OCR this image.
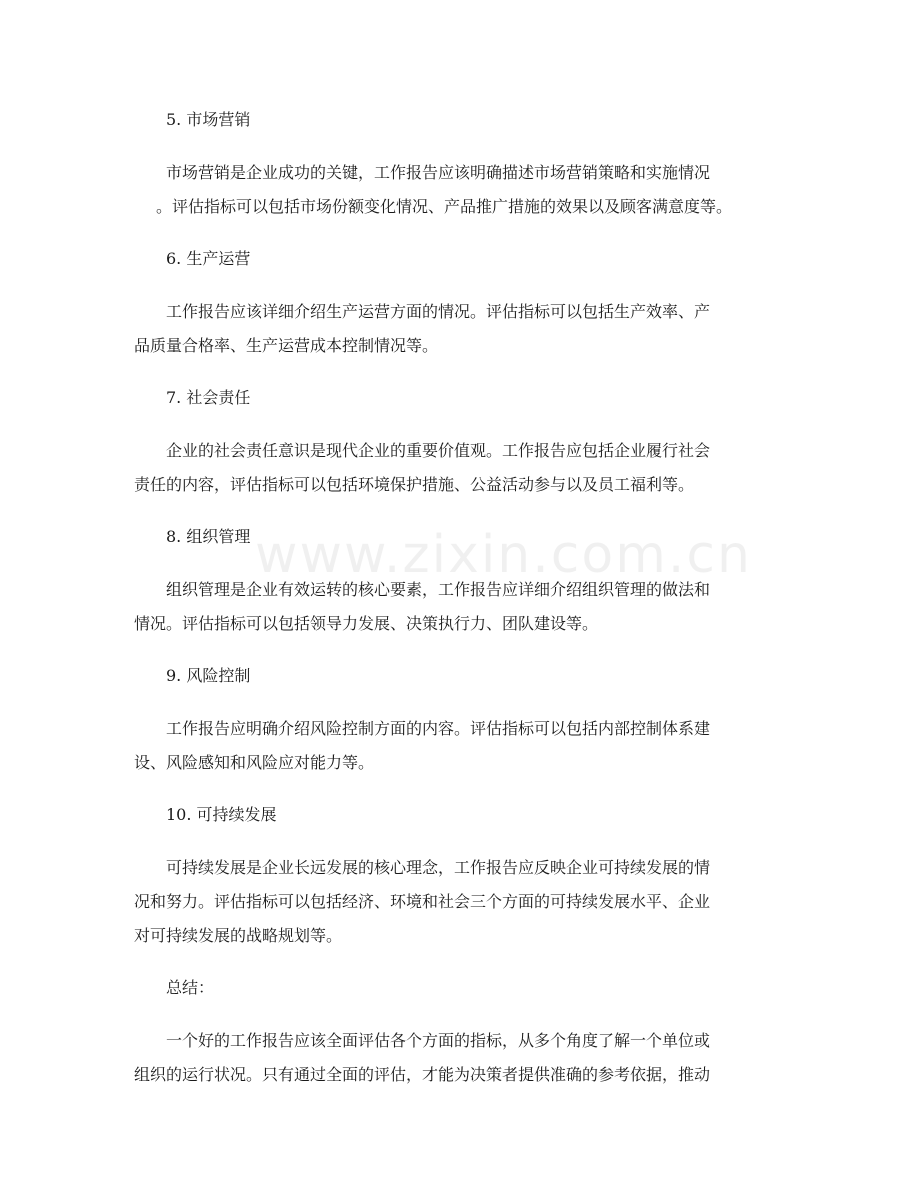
www.zixin.com.cn
5. 市场营销
市场营销是企业成功的关键，工作报告应该明确描述市场营销策略和实施情况
。评估指标可以包括市场份额变化情况、产品推广措施的效果以及顾客满意度等。
6. 生产运营
工作报告应该详细介绍生产运营方面的情况。评估指标可以包括生产效率、产
品质量合格率、生产运营成本控制情况等。
7. 社会责任
企业的社会责任意识是现代企业的重要价值观。工作报告应包括企业履行社会
责任的内容，评估指标可以包括环境保护措施、公益活动参与以及员工福利等。
8. 组织管理
组织管理是企业有效运转的核心要素，工作报告应详细介绍组织管理的做法和
情况。评估指标可以包括领导力发展、决策执行力、团队建设等。
9. 风险控制
工作报告应明确介绍风险控制方面的内容。评估指标可以包括内部控制体系建
设、风险感知和风险应对能力等。
10. 可持续发展
可持续发展是企业长远发展的核心理念，工作报告应反映企业可持续发展的情
况和努力。评估指标可以包括经济、环境和社会三个方面的可持续发展水平、企业
对可持续发展的战略规划等。
总结：
一个好的工作报告应该全面评估各个方面的指标，从多个角度了解一个单位或
组织的运行状况。只有通过全面的评估，才能为决策者提供准确的参考依据，推动
